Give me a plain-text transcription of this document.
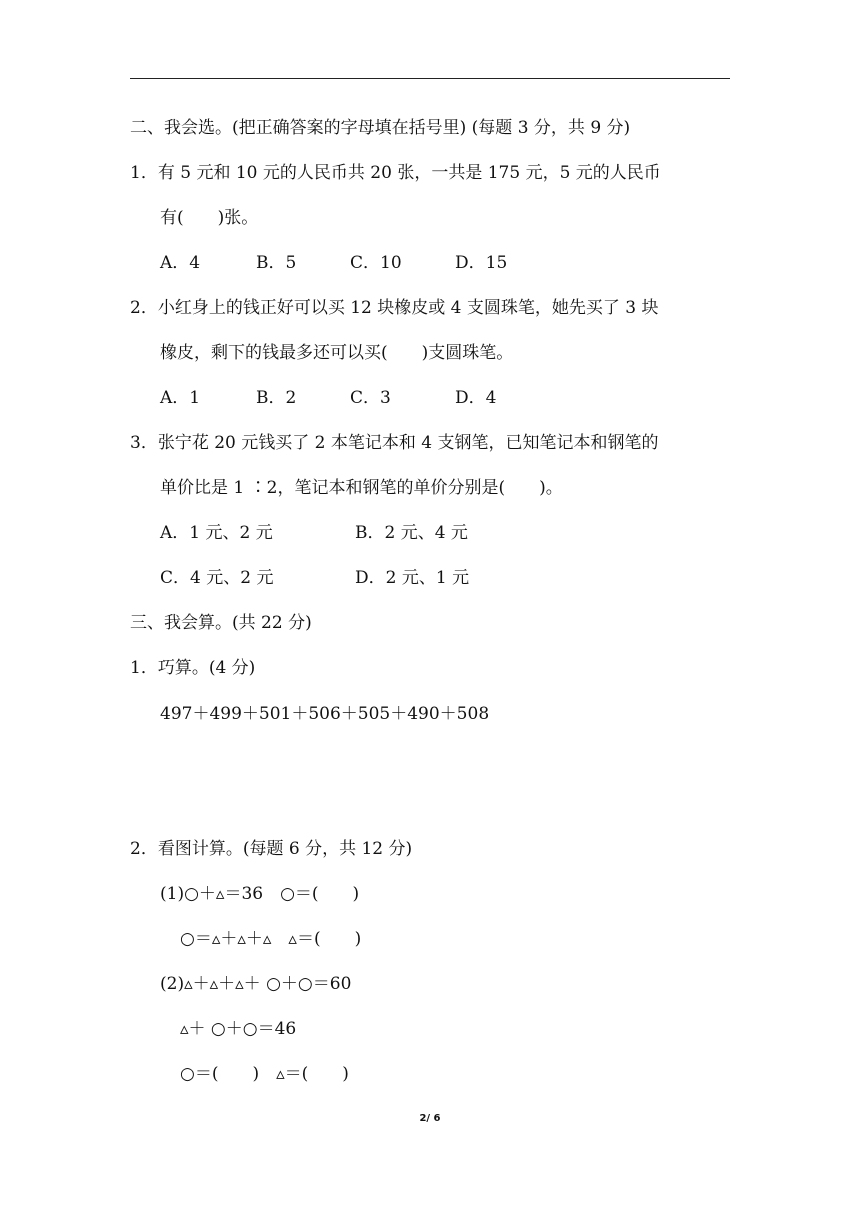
二、我会选。(把正确答案的字母填在括号里) (每题 3 分，共 9 分)
1．有 5 元和 10 元的人民币共 20 张，一共是 175 元，5 元的人民币
有(　　)张。
A．4	B．5	C．10	D．15
2．小红身上的钱正好可以买 12 块橡皮或 4 支圆珠笔，她先买了 3 块
橡皮，剩下的钱最多还可以买(　　)支圆珠笔。
A．1	B．2	C．3	D．4
3．张宁花 20 元钱买了 2 本笔记本和 4 支钢笔，已知笔记本和钢笔的
单价比是 1 ∶2，笔记本和钢笔的单价分别是(　　)。
A．1 元、2 元	B．2 元、4 元
C．4 元、2 元	D．2 元、1 元
三、我会算。(共 22 分)
1．巧算。(4 分)
497＋499＋501＋506＋505＋490＋508
2．看图计算。(每题 6 分，共 12 分)
(1)○＋▵＝36　○＝(　　)
○＝▵＋▵＋▵　▵＝(　　)
(2)▵＋▵＋▵＋ ○＋○＝60
▵＋ ○＋○＝46
○＝(　　)　▵＝(　　)
2/ 6
